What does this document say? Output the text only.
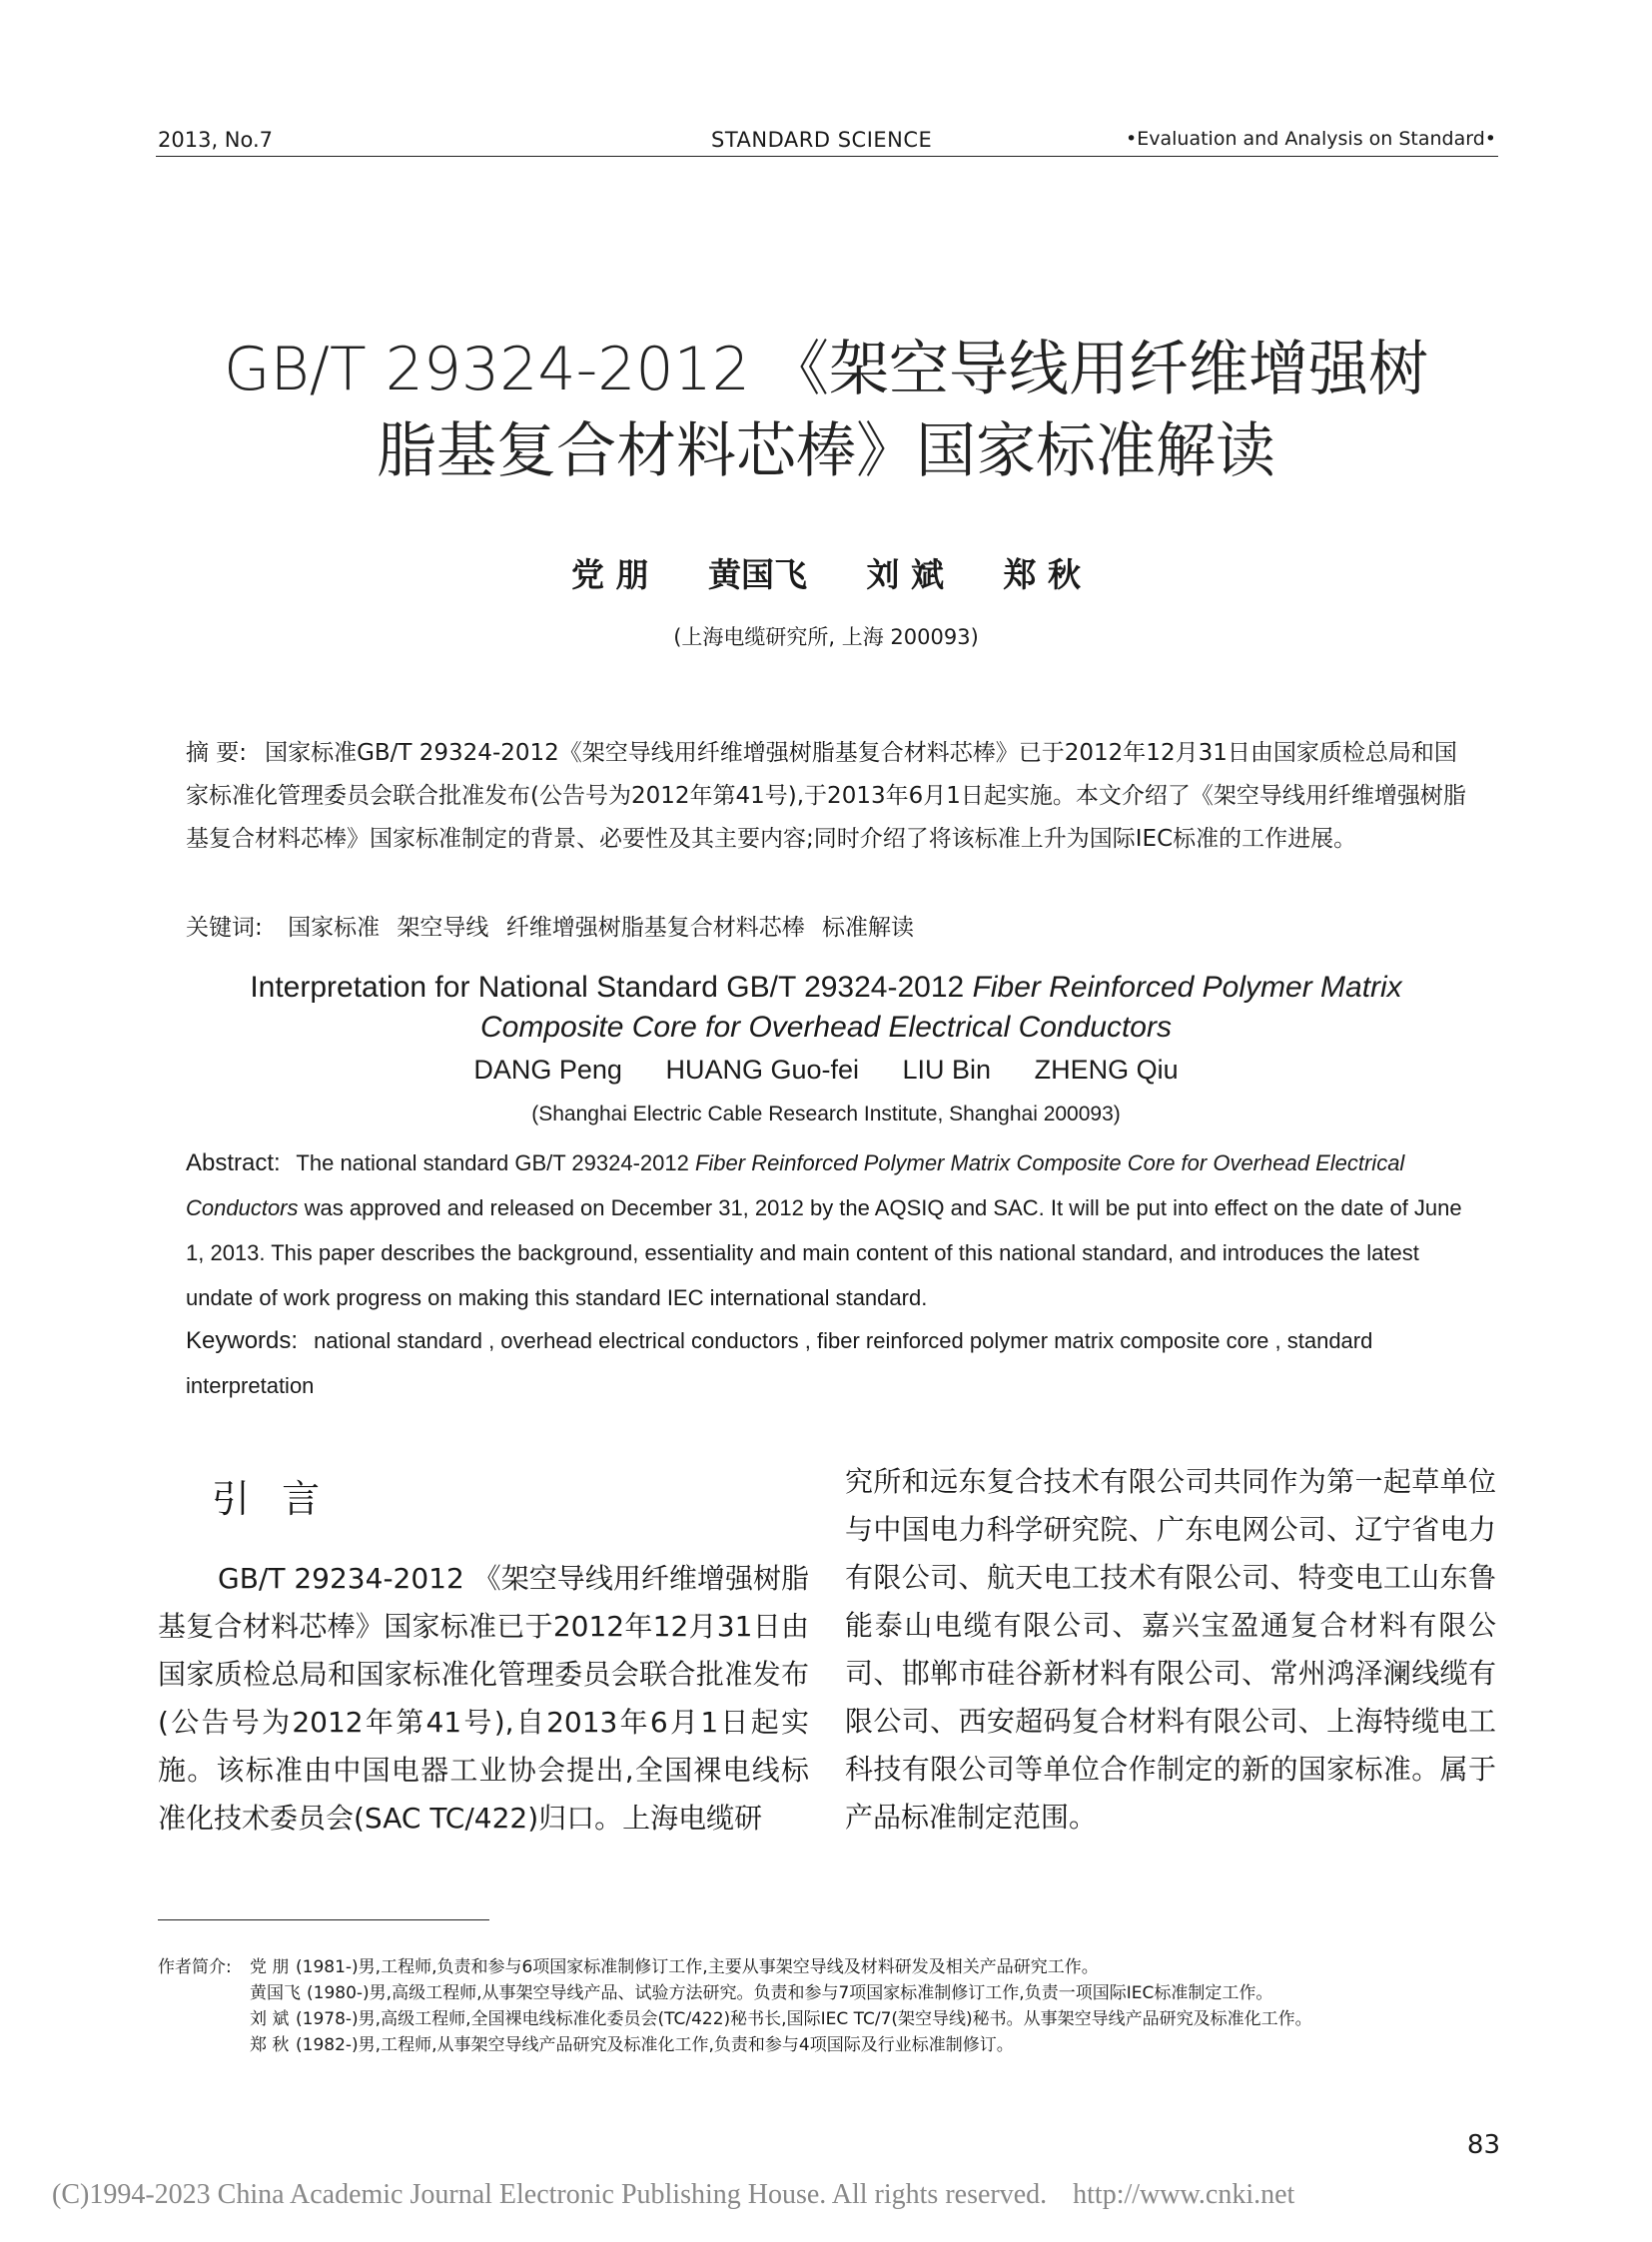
2013, No.7	STANDARD SCIENCE	•Evaluation and Analysis on Standard•
GB/T 29324-2012 《架空导线用纤维增强树
脂基复合材料芯棒》国家标准解读
党 朋 黄国飞 刘 斌 郑 秋
(上海电缆研究所, 上海 200093)
摘 要: 国家标准GB/T 29324-2012《架空导线用纤维增强树脂基复合材料芯棒》已于2012年12月31日由国家质检总局和国家标准化管理委员会联合批准发布(公告号为2012年第41号),于2013年6月1日起实施。本文介绍了《架空导线用纤维增强树脂基复合材料芯棒》国家标准制定的背景、必要性及其主要内容;同时介绍了将该标准上升为国际IEC标准的工作进展。
关键词: 国家标准 架空导线 纤维增强树脂基复合材料芯棒 标准解读
Interpretation for National Standard GB/T 29324-2012 Fiber Reinforced Polymer Matrix
Composite Core for Overhead Electrical Conductors
DANG Peng HUANG Guo-fei LIU Bin ZHENG Qiu
(Shanghai Electric Cable Research Institute, Shanghai 200093)
Abstract: The national standard GB/T 29324-2012 Fiber Reinforced Polymer Matrix Composite Core for Overhead Electrical Conductors was approved and released on December 31, 2012 by the AQSIQ and SAC. It will be put into effect on the date of June 1, 2013. This paper describes the background, essentiality and main content of this national standard, and introduces the latest undate of work progress on making this standard IEC international standard.
Keywords: national standard , overhead electrical conductors , fiber reinforced polymer matrix composite core , standard interpretation
引 言
GB/T 29234-2012 《架空导线用纤维增强树脂基复合材料芯棒》国家标准已于2012年12月31日由国家质检总局和国家标准化管理委员会联合批准发布(公告号为2012年第41号),自2013年6月1日起实施。该标准由中国电器工业协会提出,全国裸电线标准化技术委员会(SAC TC/422)归口。上海电缆研
究所和远东复合技术有限公司共同作为第一起草单位与中国电力科学研究院、广东电网公司、辽宁省电力有限公司、航天电工技术有限公司、特变电工山东鲁能泰山电缆有限公司、嘉兴宝盈通复合材料有限公司、邯郸市硅谷新材料有限公司、常州鸿泽澜线缆有限公司、西安超码复合材料有限公司、上海特缆电工科技有限公司等单位合作制定的新的国家标准。属于产品标准制定范围。
作者简介: 党 朋 (1981-)男,工程师,负责和参与6项国家标准制修订工作,主要从事架空导线及材料研发及相关产品研究工作。
黄国飞 (1980-)男,高级工程师,从事架空导线产品、试验方法研究。负责和参与7项国家标准制修订工作,负责一项国际IEC标准制定工作。
刘 斌 (1978-)男,高级工程师,全国裸电线标准化委员会(TC/422)秘书长,国际IEC TC/7(架空导线)秘书。从事架空导线产品研究及标准化工作。
郑 秋 (1982-)男,工程师,从事架空导线产品研究及标准化工作,负责和参与4项国际及行业标准制修订。
83
(C)1994-2023 China Academic Journal Electronic Publishing House. All rights reserved. http://www.cnki.net
